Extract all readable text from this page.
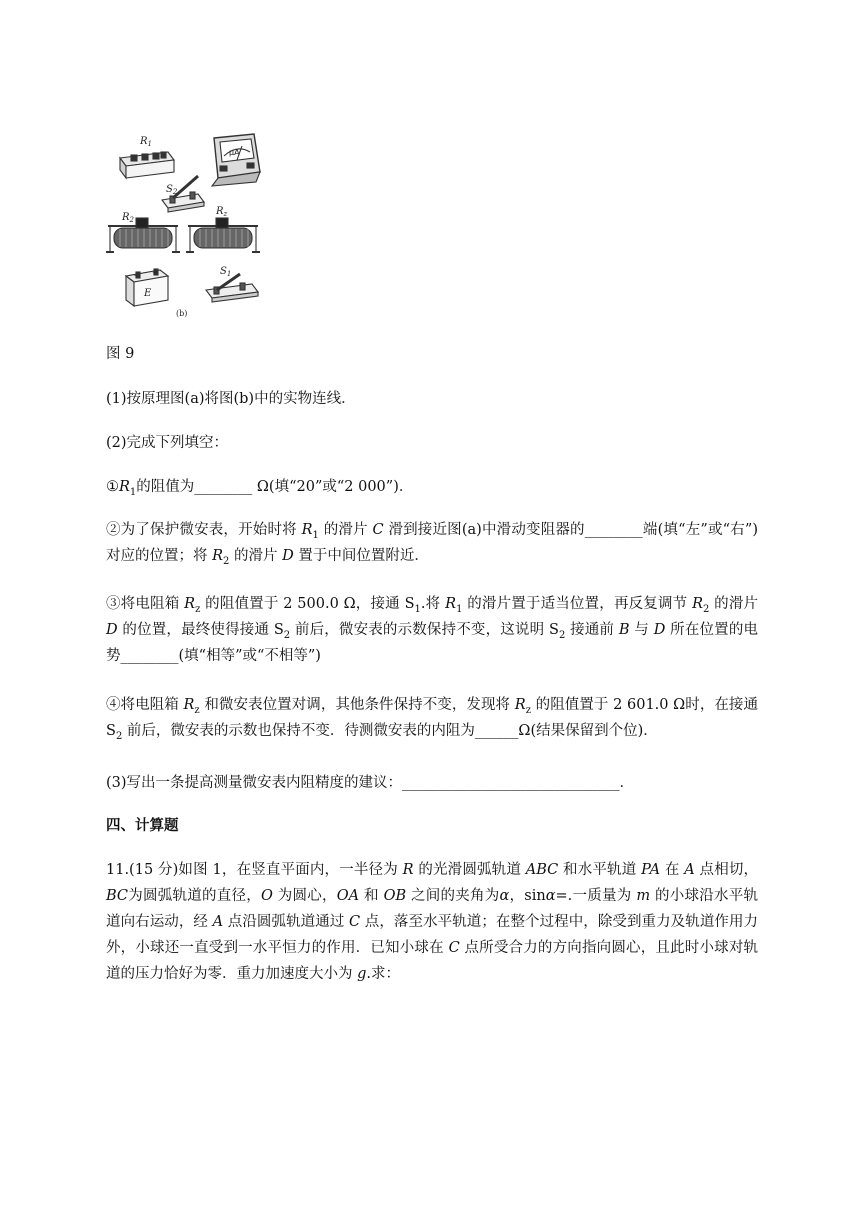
$R_1$
$S_2$
$R_2$
$R_z$
E
$S_1$
μA
- +
(b)

图 9

(1)按原理图(a)将图(b)中的实物连线．

(2)完成下列填空：

$①R_1$的阻值为________ Ω(填“20”或“2 000”)．

②为了保护微安表，开始时将 $R_1$ 的滑片 C 滑到接近图(a)中滑动变阻器的________端(填“左”或“右”)对应的位置；将 $R_2$ 的滑片 D 置于中间位置附近．

③将电阻箱 $R_z$ 的阻值置于 2 500.0 Ω，接通 $S_1$.将 $R_1$ 的滑片置于适当位置，再反复调节 $R_2$ 的滑片 D 的位置，最终使得接通 $S_2$ 前后，微安表的示数保持不变，这说明 $S_2$ 接通前 B 与 D 所在位置的电势________(填“相等”或“不相等”)

④将电阻箱 $R_z$ 和微安表位置对调，其他条件保持不变，发现将 $R_z$ 的阻值置于 2 601.0 Ω时，在接通 $S_2$ 前后，微安表的示数也保持不变．待测微安表的内阻为______Ω(结果保留到个位)．

(3)写出一条提高测量微安表内阻精度的建议：______________________________．

四、计算题

11.(15 分)如图 1，在竖直平面内，一半径为 R 的光滑圆弧轨道 ABC 和水平轨道 PA 在 A 点相切，BC为圆弧轨道的直径，O 为圆心，OA 和 OB 之间的夹角为α，sinα=.一质量为 m 的小球沿水平轨道向右运动，经 A 点沿圆弧轨道通过 C 点，落至水平轨道；在整个过程中，除受到重力及轨道作用力外，小球还一直受到一水平恒力的作用．已知小球在 C 点所受合力的方向指向圆心，且此时小球对轨道的压力恰好为零．重力加速度大小为 g.求：
